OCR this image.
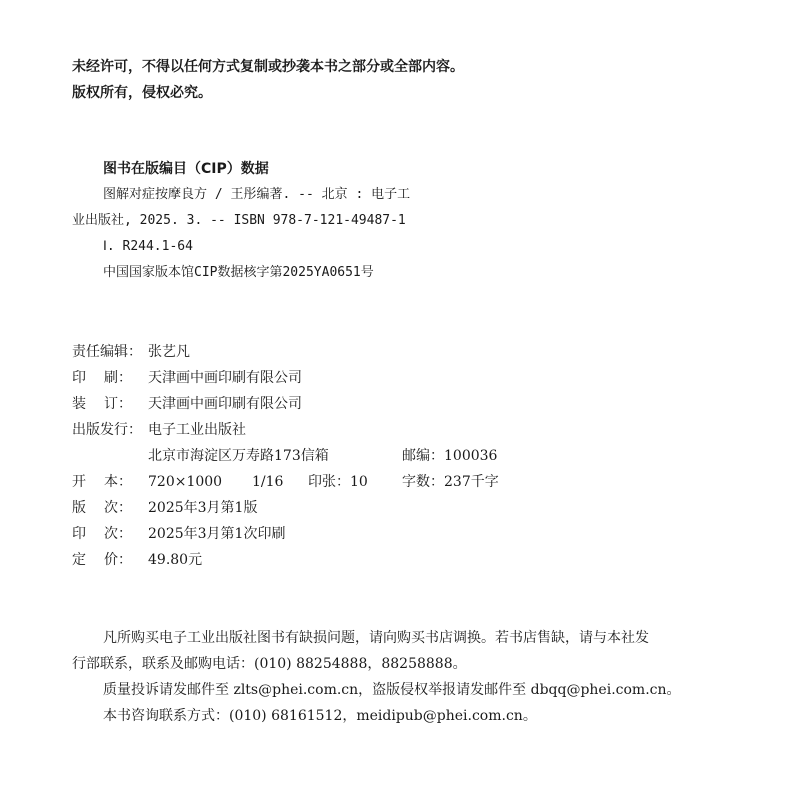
未经许可，不得以任何方式复制或抄袭本书之部分或全部内容。
版权所有，侵权必究。
图书在版编目（CIP）数据
图解对症按摩良方 / 王彤编著. -- 北京 : 电子工
业出版社, 2025. 3. -- ISBN 978-7-121-49487-1
Ⅰ. R244.1-64
中国国家版本馆CIP数据核字第2025YA0651号
责任编辑： 张艺凡
印 刷： 天津画中画印刷有限公司
装 订： 天津画中画印刷有限公司
出版发行： 电子工业出版社
北京市海淀区万寿路173信箱	邮编：100036
开 本： 720×1000 1/16 印张：10 字数：237千字
版 次： 2025年3月第1版
印 次： 2025年3月第1次印刷
定 价： 49.80元
凡所购买电子工业出版社图书有缺损问题，请向购买书店调换。若书店售缺，请与本社发
行部联系，联系及邮购电话：(010) 88254888，88258888。
质量投诉请发邮件至 zlts@phei.com.cn，盗版侵权举报请发邮件至 dbqq@phei.com.cn。
本书咨询联系方式：(010) 68161512，meidipub@phei.com.cn。
